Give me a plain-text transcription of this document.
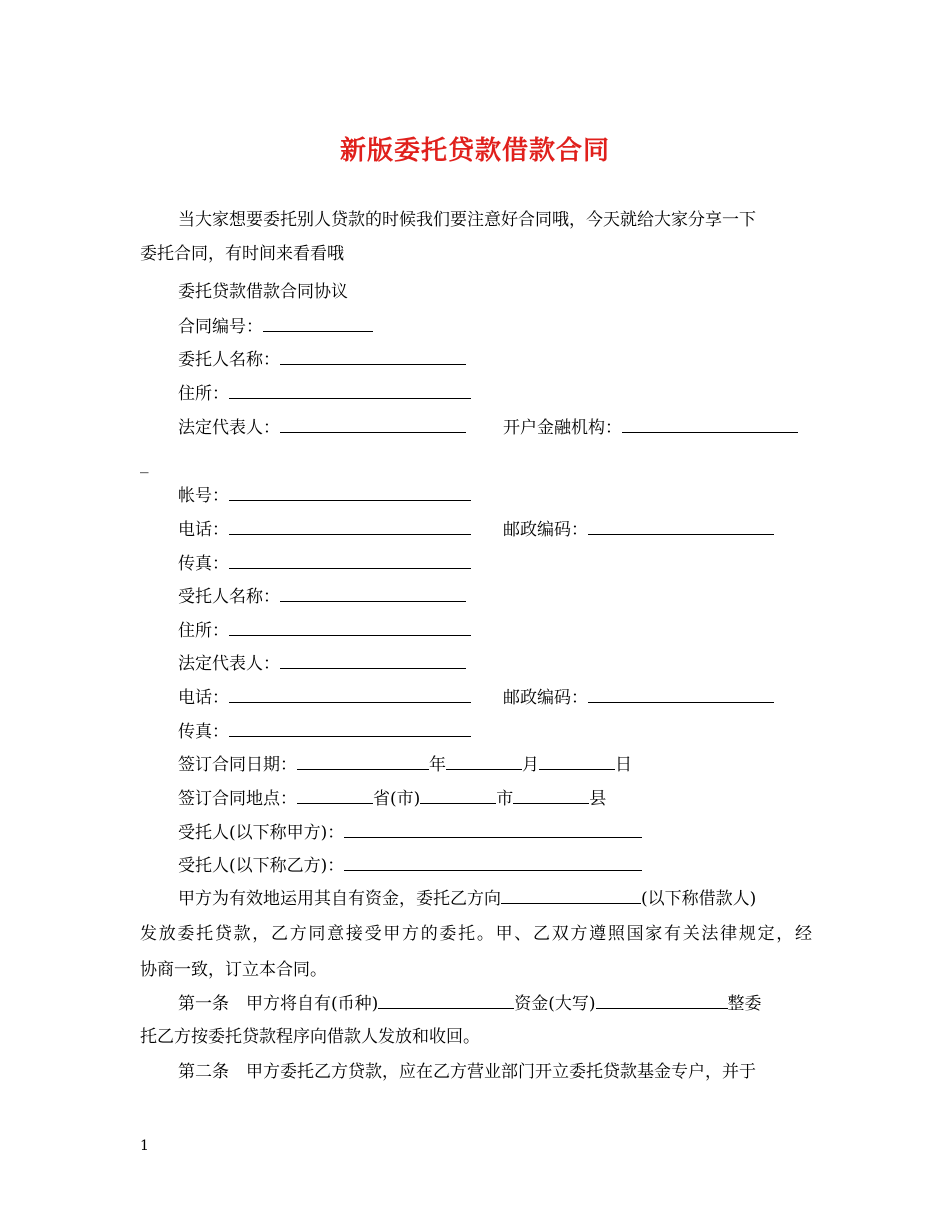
新版委托贷款借款合同
当大家想要委托别人贷款的时候我们要注意好合同哦，今天就给大家分享一下
委托合同，有时间来看看哦
委托贷款借款合同协议
合同编号：
委托人名称：
住所：
法定代表人：	开户金融机构：
_
帐号：
电话：	邮政编码：
传真：
受托人名称：
住所：
法定代表人：
电话：	邮政编码：
传真：
签订合同日期：	年	月	日
签订合同地点：	省(市)	市	县
受托人(以下称甲方)：
受托人(以下称乙方)：
甲方为有效地运用其自有资金，委托乙方向	(以下称借款人)
发放委托贷款，乙方同意接受甲方的委托。甲、乙双方遵照国家有关法律规定，经
协商一致，订立本合同。
第一条　甲方将自有(币种)	资金(大写)	整委
托乙方按委托贷款程序向借款人发放和收回。
第二条　甲方委托乙方贷款，应在乙方营业部门开立委托贷款基金专户，并于
1
